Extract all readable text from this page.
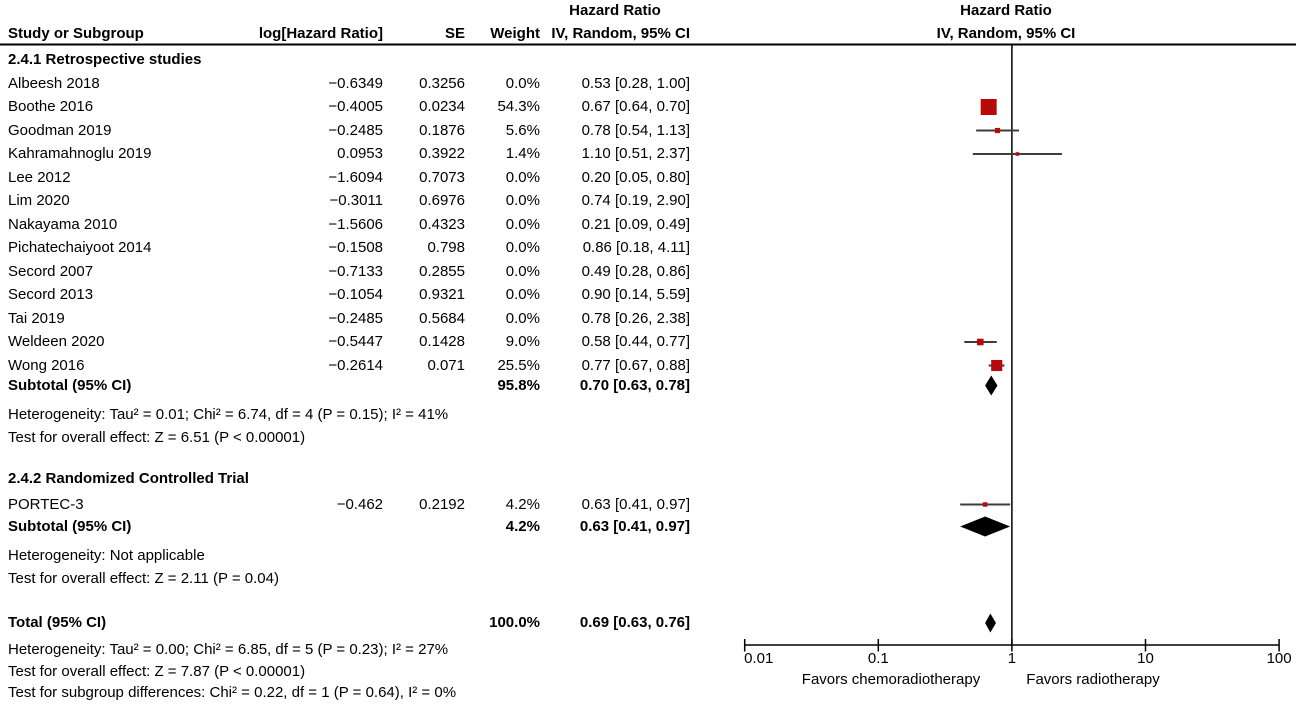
Hazard Ratio	Hazard Ratio
Study or Subgroup	log[Hazard Ratio]	SE	Weight IV, Random, 95% CI	IV, Random, 95% CI
2.4.1 Retrospective studies
Albeesh 2018	−0.6349	0.3256	0.0%	0.53 [0.28, 1.00]
Boothe 2016	−0.4005	0.0234	54.3%	0.67 [0.64, 0.70]
Goodman 2019	−0.2485	0.1876	5.6%	0.78 [0.54, 1.13]
Kahramahnoglu 2019	0.0953	0.3922	1.4%	1.10 [0.51, 2.37]
Lee 2012	−1.6094	0.7073	0.0%	0.20 [0.05, 0.80]
Lim 2020	−0.3011	0.6976	0.0%	0.74 [0.19, 2.90]
Nakayama 2010	−1.5606	0.4323	0.0%	0.21 [0.09, 0.49]
Pichatechaiyoot 2014	−0.1508	0.798	0.0%	0.86 [0.18, 4.11]
Secord 2007	−0.7133	0.2855	0.0%	0.49 [0.28, 0.86]
Secord 2013	−0.1054	0.9321	0.0%	0.90 [0.14, 5.59]
Tai 2019	−0.2485	0.5684	0.0%	0.78 [0.26, 2.38]
Weldeen 2020	−0.5447	0.1428	9.0%	0.58 [0.44, 0.77]
Wong 2016	−0.2614	0.071	25.5%	0.77 [0.67, 0.88]
Subtotal (95% CI)	95.8%	0.70 [0.63, 0.78]
Heterogeneity: Tau² = 0.01; Chi² = 6.74, df = 4 (P = 0.15); I² = 41%
Test for overall effect: Z = 6.51 (P < 0.00001)
2.4.2 Randomized Controlled Trial
PORTEC-3	−0.462	0.2192	4.2%	0.63 [0.41, 0.97]
Subtotal (95% CI)	4.2%	0.63 [0.41, 0.97]
Heterogeneity: Not applicable
Test for overall effect: Z = 2.11 (P = 0.04)
Total (95% CI)	100.0%	0.69 [0.63, 0.76]
Heterogeneity: Tau² = 0.00; Chi² = 6.85, df = 5 (P = 0.23); I² = 27%
Test for overall effect: Z = 7.87 (P < 0.00001)
Test for subgroup differences: Chi² = 0.22, df = 1 (P = 0.64), I² = 0%
0.01	0.1	1	10	100
Favors chemoradiotherapy	Favors radiotherapy
